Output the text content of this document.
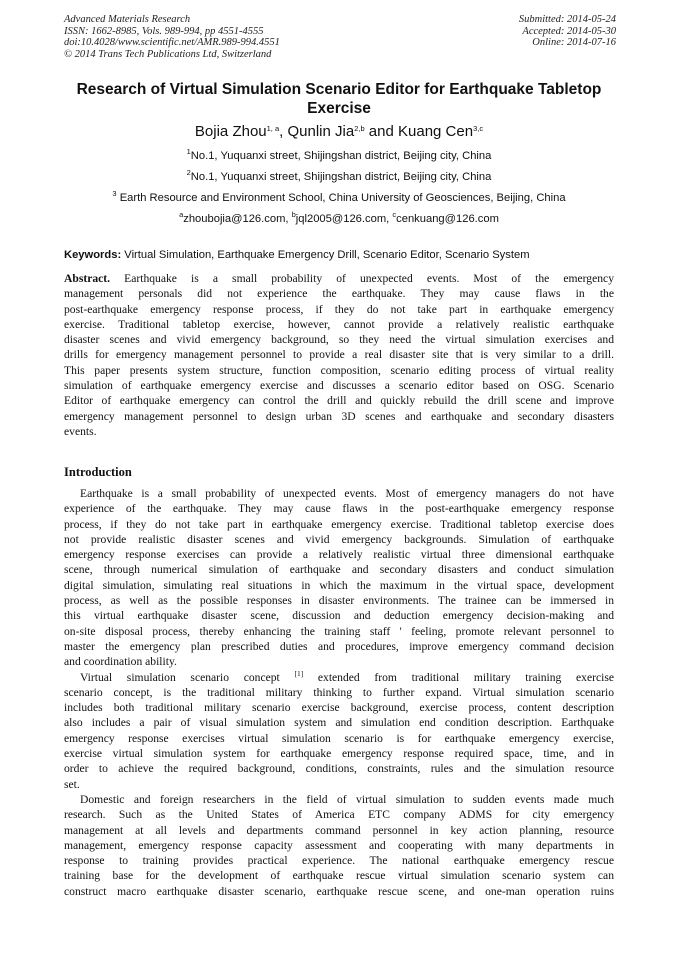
Advanced Materials Research
ISSN: 1662-8985, Vols. 989-994, pp 4551-4555
doi:10.4028/www.scientific.net/AMR.989-994.4551
© 2014 Trans Tech Publications Ltd, Switzerland
Submitted: 2014-05-24
Accepted: 2014-05-30
Online: 2014-07-16
Research of Virtual Simulation Scenario Editor for Earthquake Tabletop
Exercise
Bojia Zhou$^{1, a}$, Qunlin Jia$^{2,b}$ and Kuang Cen$^{3,c}$
$^1$No.1, Yuquanxi street, Shijingshan district, Beijing city, China
$^2$No.1, Yuquanxi street, Shijingshan district, Beijing city, China
$^3$ Earth Resource and Environment School, China University of Geosciences, Beijing, China
$^a$zhoubojia@126.com, $^b$jql2005@126.com, $^c$cenkuang@126.com
Keywords: Virtual Simulation, Earthquake Emergency Drill, Scenario Editor, Scenario System
Abstract. Earthquake is a small probability of unexpected events. Most of the emergency
management personals did not experience the earthquake. They may cause flaws in the
post-earthquake emergency response process, if they do not take part in earthquake emergency
exercise. Traditional tabletop exercise, however, cannot provide a relatively realistic earthquake
disaster scenes and vivid emergency background, so they need the virtual simulation exercises and
drills for emergency management personnel to provide a real disaster site that is very similar to a drill.
This paper presents system structure, function composition, scenario editing process of virtual reality
simulation of earthquake emergency exercise and discusses a scenario editor based on OSG. Scenario
Editor of earthquake emergency can control the drill and quickly rebuild the drill scene and improve
emergency management personnel to design urban 3D scenes and earthquake and secondary disasters
events.
Introduction
Earthquake is a small probability of unexpected events. Most of emergency managers do not have
experience of the earthquake. They may cause flaws in the post-earthquake emergency response
process, if they do not take part in earthquake emergency exercise. Traditional tabletop exercise does
not provide realistic disaster scenes and vivid emergency backgrounds. Simulation of earthquake
emergency response exercises can provide a relatively realistic virtual three dimensional earthquake
scene, through numerical simulation of earthquake and secondary disasters and conduct simulation
digital simulation, simulating real situations in which the maximum in the virtual space, development
process, as well as the possible responses in disaster environments. The trainee can be immersed in
this virtual earthquake disaster scene, discussion and deduction emergency decision-making and
on-site disposal process, thereby enhancing the training staff ' feeling, promote relevant personnel to
master the emergency plan prescribed duties and procedures, improve emergency command decision
and coordination ability.
Virtual simulation scenario concept [1] extended from traditional military training exercise
scenario concept, is the traditional military thinking to further expand. Virtual simulation scenario
includes both traditional military scenario exercise background, exercise process, content description
also includes a pair of visual simulation system and simulation end condition description. Earthquake
emergency response exercises virtual simulation scenario is for earthquake emergency exercise,
exercise virtual simulation system for earthquake emergency response required space, time, and in
order to achieve the required background, conditions, constraints, rules and the simulation resource
set.
Domestic and foreign researchers in the field of virtual simulation to sudden events made much
research. Such as the United States of America ETC company ADMS for city emergency
management at all levels and departments command personnel in key action planning, resource
management, emergency response capacity assessment and cooperating with many departments in
response to training provides practical experience. The national earthquake emergency rescue
training base for the development of earthquake rescue virtual simulation scenario system can
construct macro earthquake disaster scenario, earthquake rescue scene, and one-man operation ruins
